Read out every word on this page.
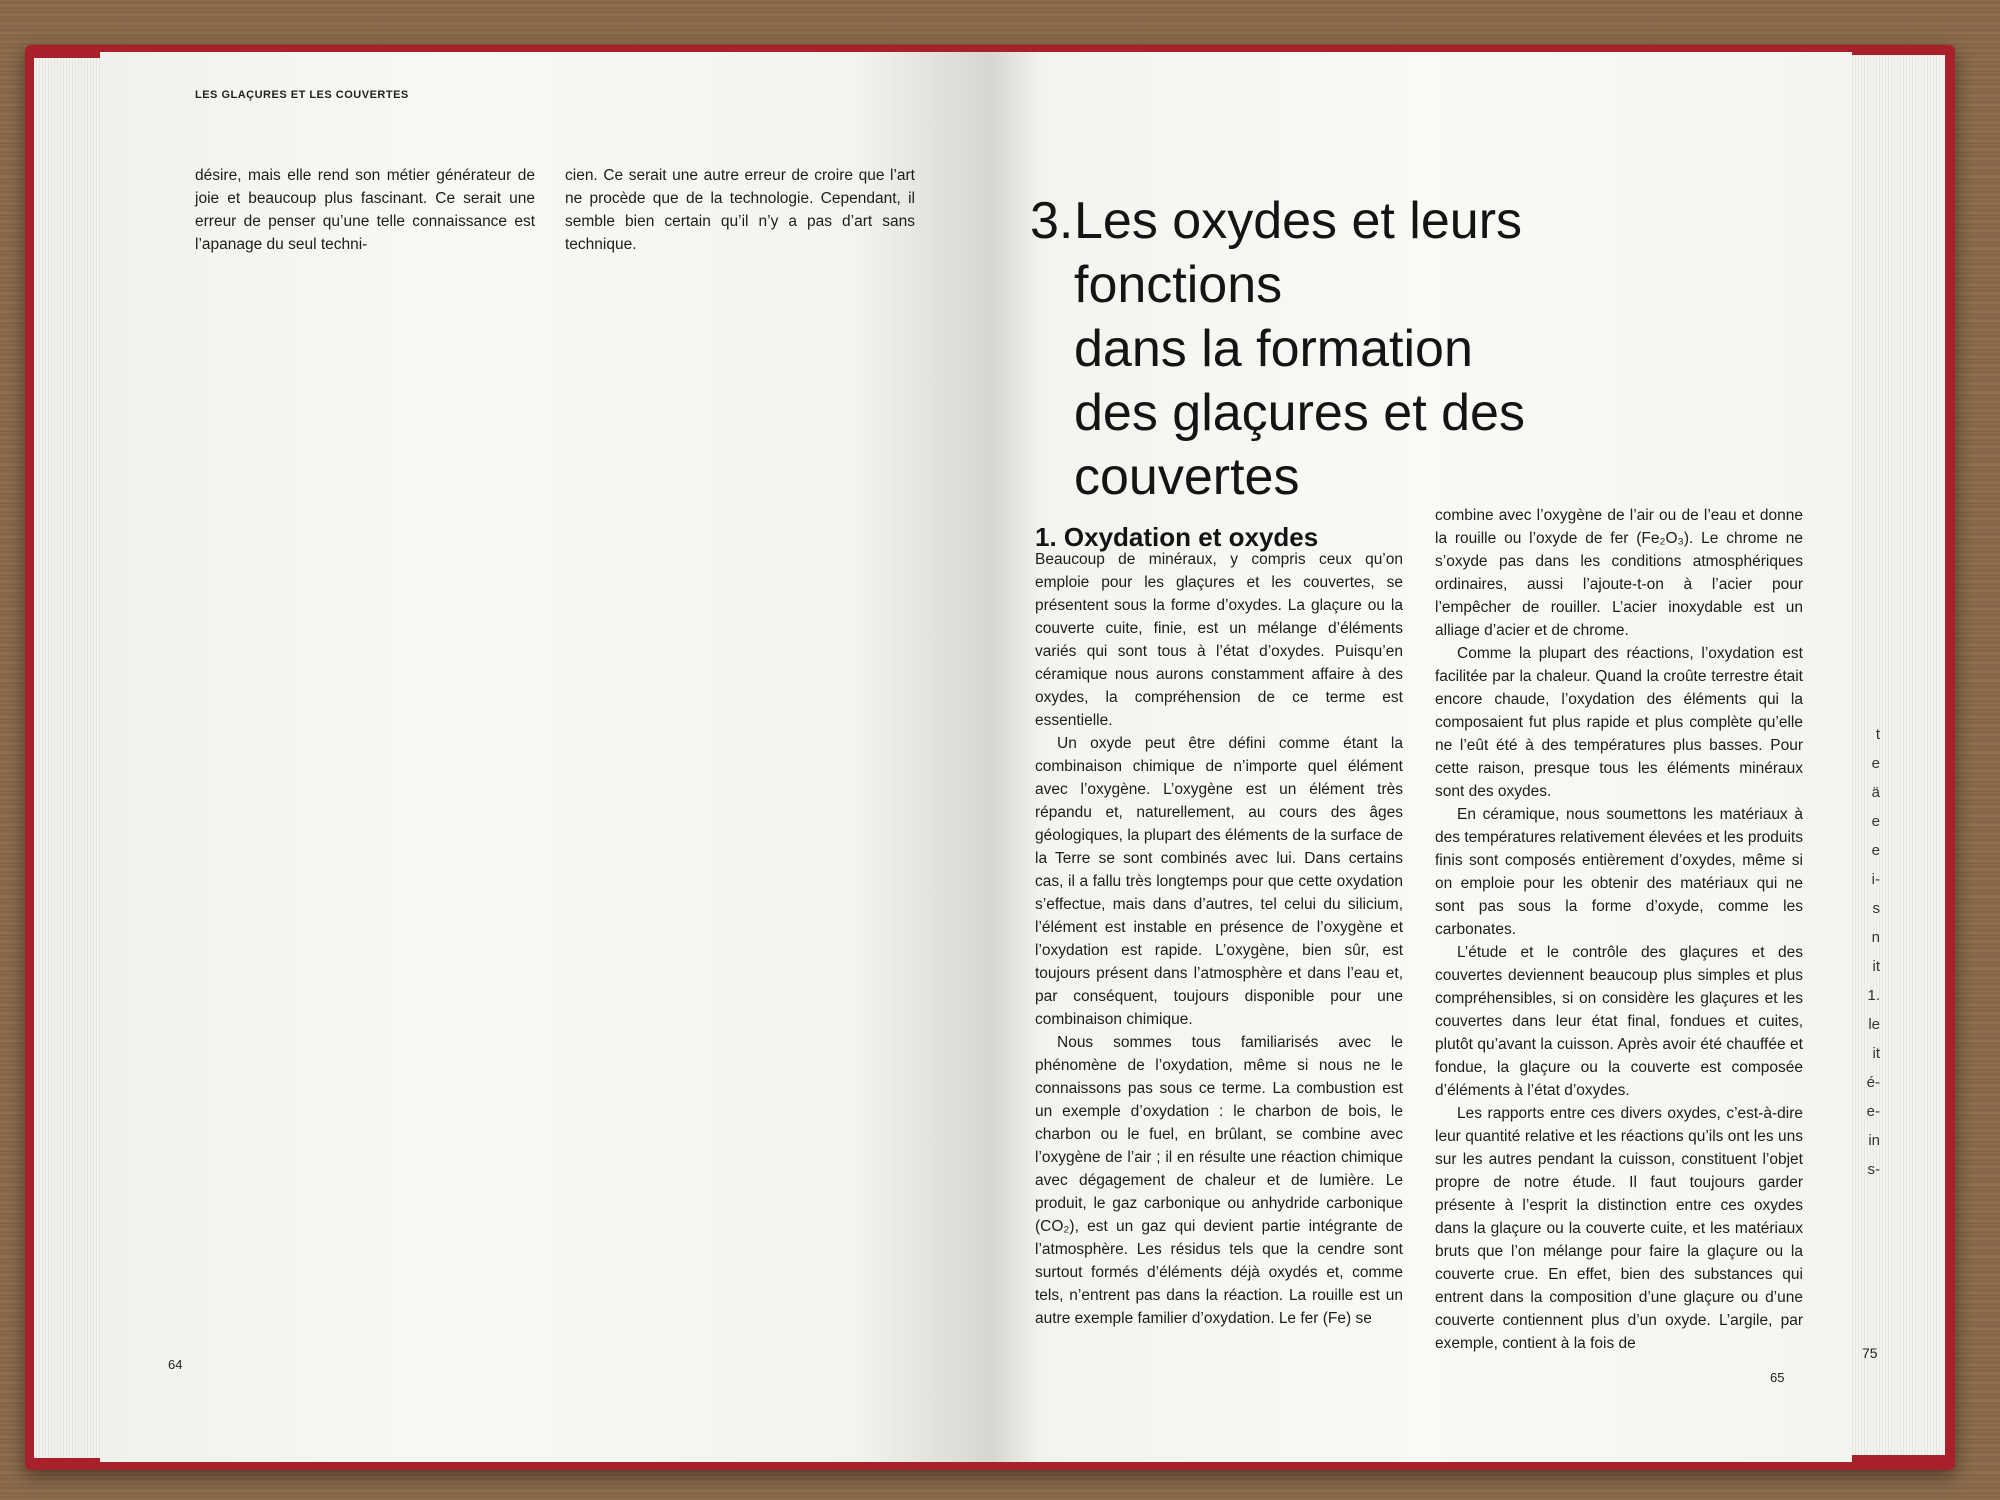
LES GLAÇURES ET LES COUVERTES

désire, mais elle rend son métier générateur de joie et beaucoup plus fascinant. Ce serait une erreur de penser qu’une telle connaissance est l’apanage du seul techni-

cien. Ce serait une autre erreur de croire que l’art ne procède que de la technologie. Cependant, il semble bien certain qu’il n’y a pas d’art sans technique.

64
3. Les oxydes et leurs fonctions
dans la formation
des glaçures et des couvertes
1. Oxydation et oxydes

Beaucoup de minéraux, y compris ceux qu’on emploie pour les glaçures et les couvertes, se présentent sous la forme d’oxydes. La glaçure ou la couverte cuite, finie, est un mélange d’éléments variés qui sont tous à l’état d’oxydes. Puisqu’en céramique nous aurons constamment affaire à des oxydes, la compréhension de ce terme est essentielle.

Un oxyde peut être défini comme étant la combinaison chimique de n’importe quel élément avec l’oxygène. L’oxygène est un élément très répandu et, naturellement, au cours des âges géologiques, la plupart des éléments de la surface de la Terre se sont combinés avec lui. Dans certains cas, il a fallu très longtemps pour que cette oxydation s’effectue, mais dans d’autres, tel celui du silicium, l’élément est instable en présence de l’oxygène et l’oxydation est rapide. L’oxygène, bien sûr, est toujours présent dans l’atmosphère et dans l’eau et, par conséquent, toujours disponible pour une combinaison chimique.

Nous sommes tous familiarisés avec le phénomène de l’oxydation, même si nous ne le connaissons pas sous ce terme. La combustion est un exemple d’oxydation : le charbon de bois, le charbon ou le fuel, en brûlant, se combine avec l’oxygène de l’air ; il en résulte une réaction chimique avec dégagement de chaleur et de lumière. Le produit, le gaz carbonique ou anhydride carbonique (CO₂), est un gaz qui devient partie intégrante de l’atmosphère. Les résidus tels que la cendre sont surtout formés d’éléments déjà oxydés et, comme tels, n’entrent pas dans la réaction. La rouille est un autre exemple familier d’oxydation. Le fer (Fe) se

combine avec l’oxygène de l’air ou de l’eau et donne la rouille ou l’oxyde de fer (Fe₂O₃). Le chrome ne s’oxyde pas dans les conditions atmosphériques ordinaires, aussi l’ajoute-t-on à l’acier pour l’empêcher de rouiller. L’acier inoxydable est un alliage d’acier et de chrome.

Comme la plupart des réactions, l’oxydation est facilitée par la chaleur. Quand la croûte terrestre était encore chaude, l’oxydation des éléments qui la composaient fut plus rapide et plus complète qu’elle ne l’eût été à des températures plus basses. Pour cette raison, presque tous les éléments minéraux sont des oxydes.

En céramique, nous soumettons les matériaux à des températures relativement élevées et les produits finis sont composés entièrement d’oxydes, même si on emploie pour les obtenir des matériaux qui ne sont pas sous la forme d’oxyde, comme les carbonates.

L’étude et le contrôle des glaçures et des couvertes deviennent beaucoup plus simples et plus compréhensibles, si on considère les glaçures et les couvertes dans leur état final, fondues et cuites, plutôt qu’avant la cuisson. Après avoir été chauffée et fondue, la glaçure ou la couverte est composée d’éléments à l’état d’oxydes.

Les rapports entre ces divers oxydes, c’est-à-dire leur quantité relative et les réactions qu’ils ont les uns sur les autres pendant la cuisson, constituent l’objet propre de notre étude. Il faut toujours garder présente à l’esprit la distinction entre ces oxydes dans la glaçure ou la couverte cuite, et les matériaux bruts que l’on mélange pour faire la glaçure ou la couverte crue. En effet, bien des substances qui entrent dans la composition d’une glaçure ou d’une couverte contiennent plus d’un oxyde. L’argile, par exemple, contient à la fois de

65
t
e
ä
e
e
i-
s
n
it
1.
le
it
é-
e-
in
s-
75
